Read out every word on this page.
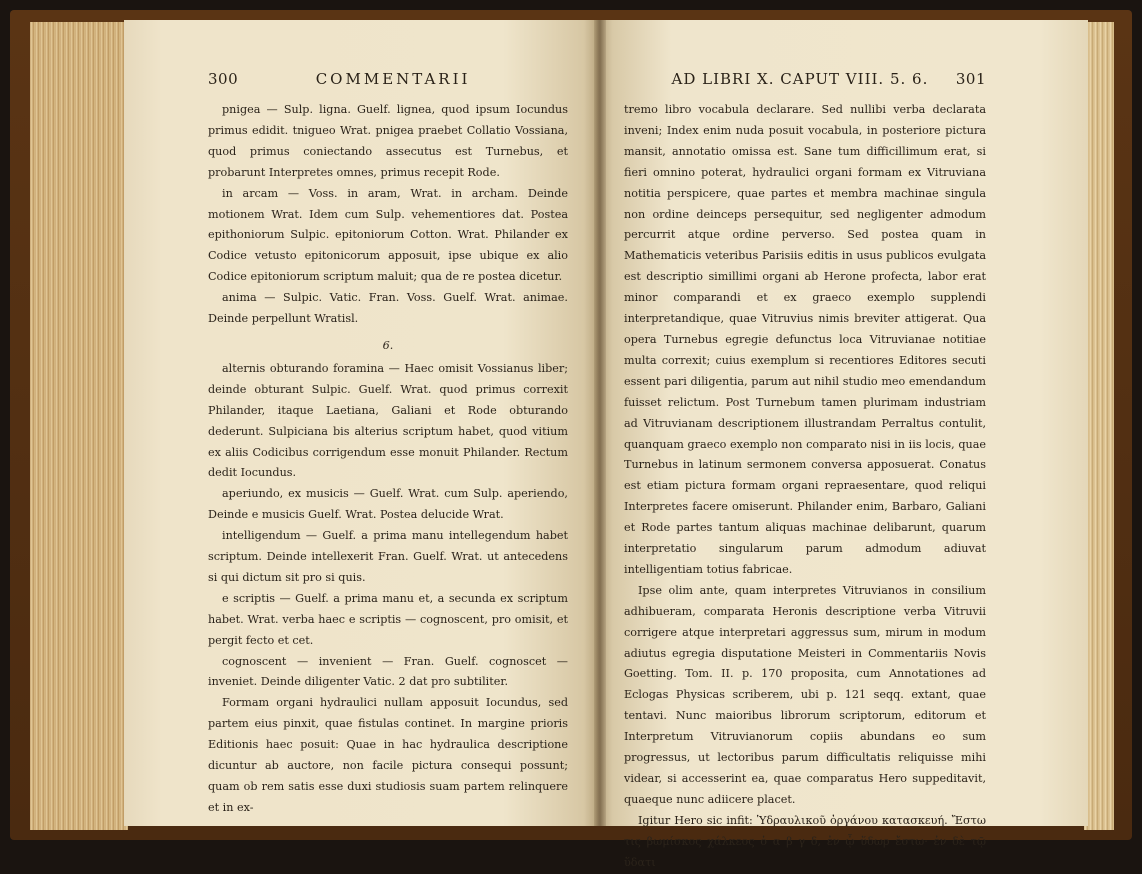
300	COMMENTARII

pnigea — Sulp. ligna. Guelf. lignea, quod ipsum Iocundus primus edidit. tnigueo Wrat. pnigea praebet Collatio Vossiana, quod primus coniectando assecutus est Turnebus, et probarunt Interpretes omnes, primus recepit Rode.

in arcam — Voss. in aram, Wrat. in archam. Deinde motionem Wrat. Idem cum Sulp. vehementiores dat. Postea epithoniorum Sulpic. epitoniorum Cotton. Wrat. Philander ex Codice vetusto epitonicorum apposuit, ipse ubique ex alio Codice epitoniorum scriptum maluit; qua de re postea dicetur.

anima — Sulpic. Vatic. Fran. Voss. Guelf. Wrat. animae. Deinde perpellunt Wratisl.

6.

alternis obturando foramina — Haec omisit Vossianus liber; deinde obturant Sulpic. Guelf. Wrat. quod primus correxit Philander, itaque Laetiana, Galiani et Rode obturando dederunt. Sulpiciana bis alterius scriptum habet, quod vitium ex aliis Codicibus corrigendum esse monuit Philander. Rectum dedit Iocundus.

aperiundo, ex musicis — Guelf. Wrat. cum Sulp. aperiendo, Deinde e musicis Guelf. Wrat. Postea delucide Wrat.

intelligendum — Guelf. a prima manu intellegendum habet scriptum. Deinde intellexerit Fran. Guelf. Wrat. ut antecedens si qui dictum sit pro si quis.

e scriptis — Guelf. a prima manu et, a secunda ex scriptum habet. Wrat. verba haec e scriptis — cognoscent, pro omisit, et pergit fecto et cet.

cognoscent — invenient — Fran. Guelf. cognoscet — inveniet. Deinde diligenter Vatic. 2 dat pro subtiliter.

Formam organi hydraulici nullam apposuit Iocundus, sed partem eius pinxit, quae fistulas continet. In margine prioris Editionis haec posuit: Quae in hac hydraulica descriptione dicuntur ab auctore, non facile pictura consequi possunt; quam ob rem satis esse duxi studiosis suam partem relinquere et in ex-

AD LIBRI X. CAPUT VIII. 5. 6. 301

tremo libro vocabula declarare. Sed nullibi verba declarata inveni; Index enim nuda posuit vocabula, in posteriore pictura mansit, annotatio omissa est. Sane tum difficillimum erat, si fieri omnino poterat, hydraulici organi formam ex Vitruviana notitia perspicere, quae partes et membra machinae singula non ordine deinceps persequitur, sed negligenter admodum percurrit atque ordine perverso. Sed postea quam in Mathematicis veteribus Parisiis editis in usus publicos evulgata est descriptio simillimi organi ab Herone profecta, labor erat minor comparandi et ex graeco exemplo supplendi interpretandique, quae Vitruvius nimis breviter attigerat. Qua opera Turnebus egregie defunctus loca Vitruvianae notitiae multa correxit; cuius exemplum si recentiores Editores secuti essent pari diligentia, parum aut nihil studio meo emendandum fuisset relictum. Post Turnebum tamen plurimam industriam ad Vitruvianam descriptionem illustrandam Perraltus contulit, quanquam graeco exemplo non comparato nisi in iis locis, quae Turnebus in latinum sermonem conversa apposuerat. Conatus est etiam pictura formam organi repraesentare, quod reliqui Interpretes facere omiserunt. Philander enim, Barbaro, Galiani et Rode partes tantum aliquas machinae delibarunt, quarum interpretatio singularum parum admodum adiuvat intelligentiam totius fabricae.

Ipse olim ante, quam interpretes Vitruvianos in consilium adhibueram, comparata Heronis descriptione verba Vitruvii corrigere atque interpretari aggressus sum, mirum in modum adiutus egregia disputatione Meisteri in Commentariis Novis Goetting. Tom. II. p. 170 proposita, cum Annotationes ad Eclogas Physicas scriberem, ubi p. 121 seqq. extant, quae tentavi. Nunc maioribus librorum scriptorum, editorum et Interpretum Vitruvianorum copiis abundans eo sum progressus, ut lectoribus parum difficultatis reliquisse mihi videar, si accesserint ea, quae comparatus Hero suppeditavit, quaeque nunc adiicere placet.

Igitur Hero sic infit: Ὑδραυλικοῦ ὀργάνου κατασκευή. Ἔστω τις βωμίσκος χάλκεος ὁ α β γ δ, ἐν ᾧ ὕδωρ ἔστω· ἐν δὲ τῷ ὕδατι
